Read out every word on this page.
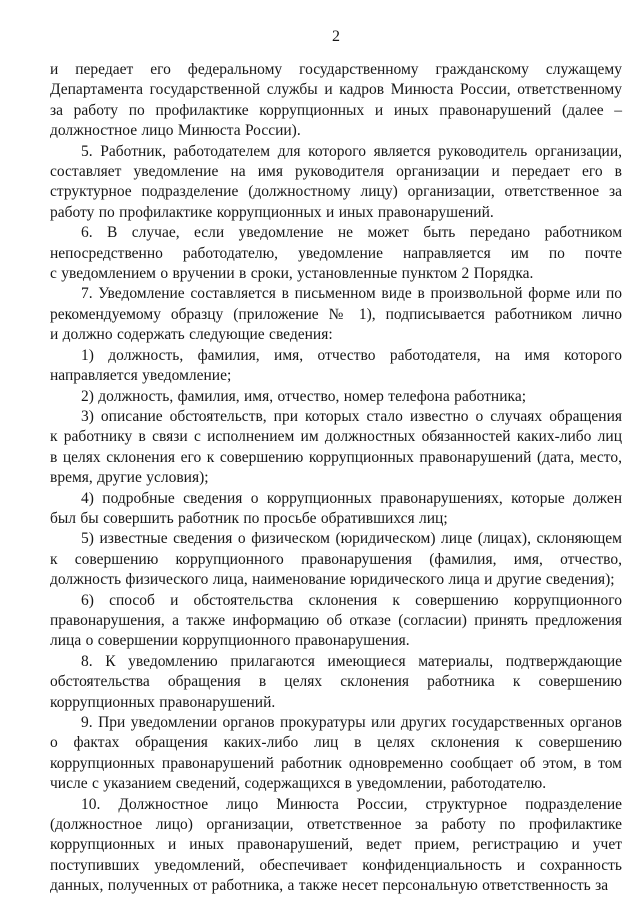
2
и передает его федеральному государственному гражданскому служащему
Департамента государственной службы и кадров Минюста России, ответственному
за работу по профилактике коррупционных и иных правонарушений (далее –
должностное лицо Минюста России).
5. Работник, работодателем для которого является руководитель организации,
составляет уведомление на имя руководителя организации и передает его в
структурное подразделение (должностному лицу) организации, ответственное за
работу по профилактике коррупционных и иных правонарушений.
6. В случае, если уведомление не может быть передано работником
непосредственно работодателю, уведомление направляется им по почте
с уведомлением о вручении в сроки, установленные пунктом 2 Порядка.
7. Уведомление составляется в письменном виде в произвольной форме или по
рекомендуемому образцу (приложение № 1), подписывается работником лично
и должно содержать следующие сведения:
1) должность, фамилия, имя, отчество работодателя, на имя которого
направляется уведомление;
2) должность, фамилия, имя, отчество, номер телефона работника;
3) описание обстоятельств, при которых стало известно о случаях обращения
к работнику в связи с исполнением им должностных обязанностей каких-либо лиц
в целях склонения его к совершению коррупционных правонарушений (дата, место,
время, другие условия);
4) подробные сведения о коррупционных правонарушениях, которые должен
был бы совершить работник по просьбе обратившихся лиц;
5) известные сведения о физическом (юридическом) лице (лицах), склоняющем
к совершению коррупционного правонарушения (фамилия, имя, отчество,
должность физического лица, наименование юридического лица и другие сведения);
6) способ и обстоятельства склонения к совершению коррупционного
правонарушения, а также информацию об отказе (согласии) принять предложения
лица о совершении коррупционного правонарушения.
8. К уведомлению прилагаются имеющиеся материалы, подтверждающие
обстоятельства обращения в целях склонения работника к совершению
коррупционных правонарушений.
9. При уведомлении органов прокуратуры или других государственных органов
о фактах обращения каких-либо лиц в целях склонения к совершению
коррупционных правонарушений работник одновременно сообщает об этом, в том
числе с указанием сведений, содержащихся в уведомлении, работодателю.
10. Должностное лицо Минюста России, структурное подразделение
(должностное лицо) организации, ответственное за работу по профилактике
коррупционных и иных правонарушений, ведет прием, регистрацию и учет
поступивших уведомлений, обеспечивает конфиденциальность и сохранность
данных, полученных от работника, а также несет персональную ответственность за
